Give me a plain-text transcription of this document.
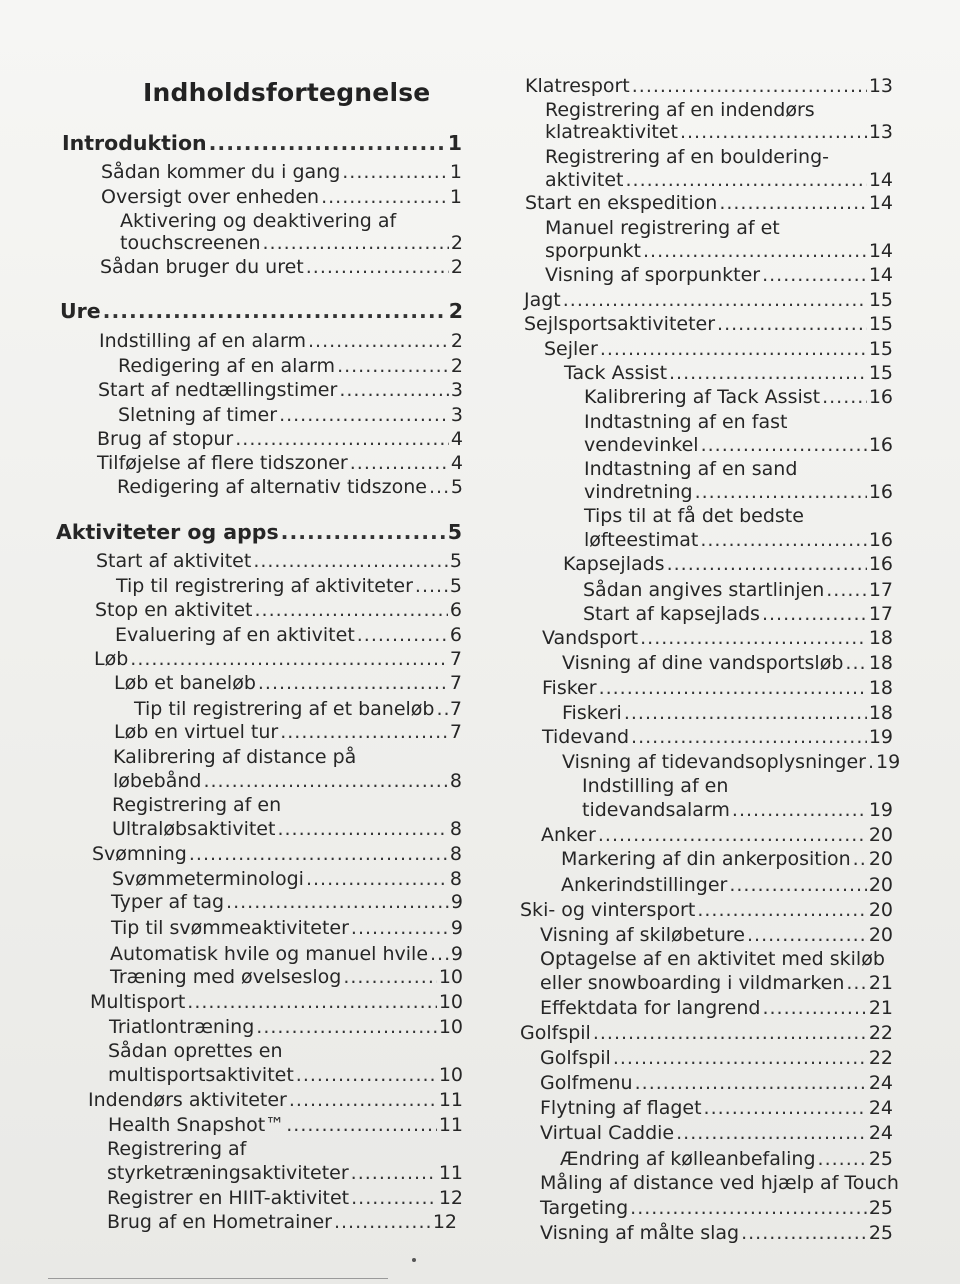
Indholdsfortegnelse
Introduktion .....	1
Sådan kommer du i gang .....	1
Oversigt over enheden .....	1
Aktivering og deaktivering af
touchscreenen .....	2
Sådan bruger du uret .....	2
Ure .....	2
Indstilling af en alarm .....	2
Redigering af en alarm .....	2
Start af nedtællingstimer .....	3
Sletning af timer .....	3
Brug af stopur .....	4
Tilføjelse af flere tidszoner .....	4
Redigering af alternativ tidszone ..... 5
Aktiviteter og apps .....	5
Start af aktivitet .....	5
Tip til registrering af aktiviteter ..... 5
Stop en aktivitet .....	6
Evaluering af en aktivitet .....	6
Løb .....	7
Løb et baneløb .....	7
Tip til registrering af et baneløb ..... 7
Løb en virtuel tur .....	7
Kalibrering af distance på
løbebånd .....	8
Registrering af en
Ultraløbsaktivitet .....	8
Svømning .....	8
Svømmeterminologi .....	8
Typer af tag .....	9
Tip til svømmeaktiviteter .....	9
Automatisk hvile og manuel hvile ..... 9
Træning med øvelseslog .....	10
Multisport .....	10
Triatlontræning .....	10
Sådan oprettes en
multisportsaktivitet .....	10
Indendørs aktiviteter .....	11
Health Snapshot™ .....	11
Registrering af
styrketræningsaktiviteter .....	11
Registrer en HIIT-aktivitet .....	12
Brug af en Hometrainer .....	12
Klatresport .....	13
Registrering af en indendørs
klatreaktivitet .....	13
Registrering af en bouldering-
aktivitet .....	14
Start en ekspedition .....	14
Manuel registrering af et
sporpunkt .....	14
Visning af sporpunkter .....	14
Jagt .....	15
Sejlsportsaktiviteter .....	15
Sejler .....	15
Tack Assist .....	15
Kalibrering af Tack Assist .....	16
Indtastning af en fast
vendevinkel .....	16
Indtastning af en sand
vindretning .....	16
Tips til at få det bedste
løfteestimat .....	16
Kapsejlads .....	16
Sådan angives startlinjen ..... 17
Start af kapsejlads .....	17
Vandsport .....	18
Visning af dine vandsportsløb ..... 18
Fisker .....	18
Fiskeri .....	18
Tidevand .....	19
Visning af tidevandsoplysninger ..... 19
Indstilling af en
tidevandsalarm .....	19
Anker .....	20
Markering af din ankerposition ..... 20
Ankerindstillinger .....	20
Ski- og vintersport .....	20
Visning af skiløbeture .....	20
Optagelse af en aktivitet med skiløb
eller snowboarding i vildmarken ..... 21
Effektdata for langrend .....	21
Golfspil .....	22
Golfspil .....	22
Golfmenu .....	24
Flytning af flaget .....	24
Virtual Caddie .....	24
Ændring af kølleanbefaling .....	25
Måling af distance ved hjælp af Touch
Targeting .....	25
Visning af målte slag .....	25
